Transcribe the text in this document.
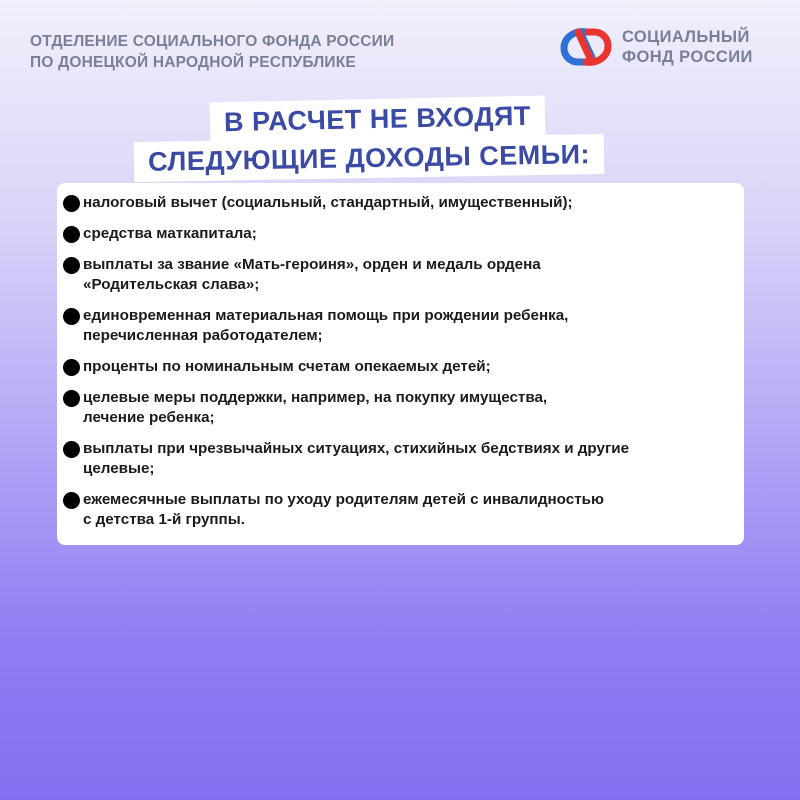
ОТДЕЛЕНИЕ СОЦИАЛЬНОГО ФОНДА РОССИИ
ПО ДОНЕЦКОЙ НАРОДНОЙ РЕСПУБЛИКЕ
СОЦИАЛЬНЫЙ
ФОНД РОССИИ
В РАСЧЕТ НЕ ВХОДЯТ
СЛЕДУЮЩИЕ ДОХОДЫ СЕМЬИ:
налоговый вычет (социальный, стандартный, имущественный);
средства маткапитала;
выплаты за звание «Мать-героиня», орден и медаль ордена
«Родительская слава»;
единовременная материальная помощь при рождении ребенка,
перечисленная работодателем;
проценты по номинальным счетам опекаемых детей;
целевые меры поддержки, например, на покупку имущества,
лечение ребенка;
выплаты при чрезвычайных ситуациях, стихийных бедствиях и другие
целевые;
ежемесячные выплаты по уходу родителям детей с инвалидностью
с детства 1-й группы.
